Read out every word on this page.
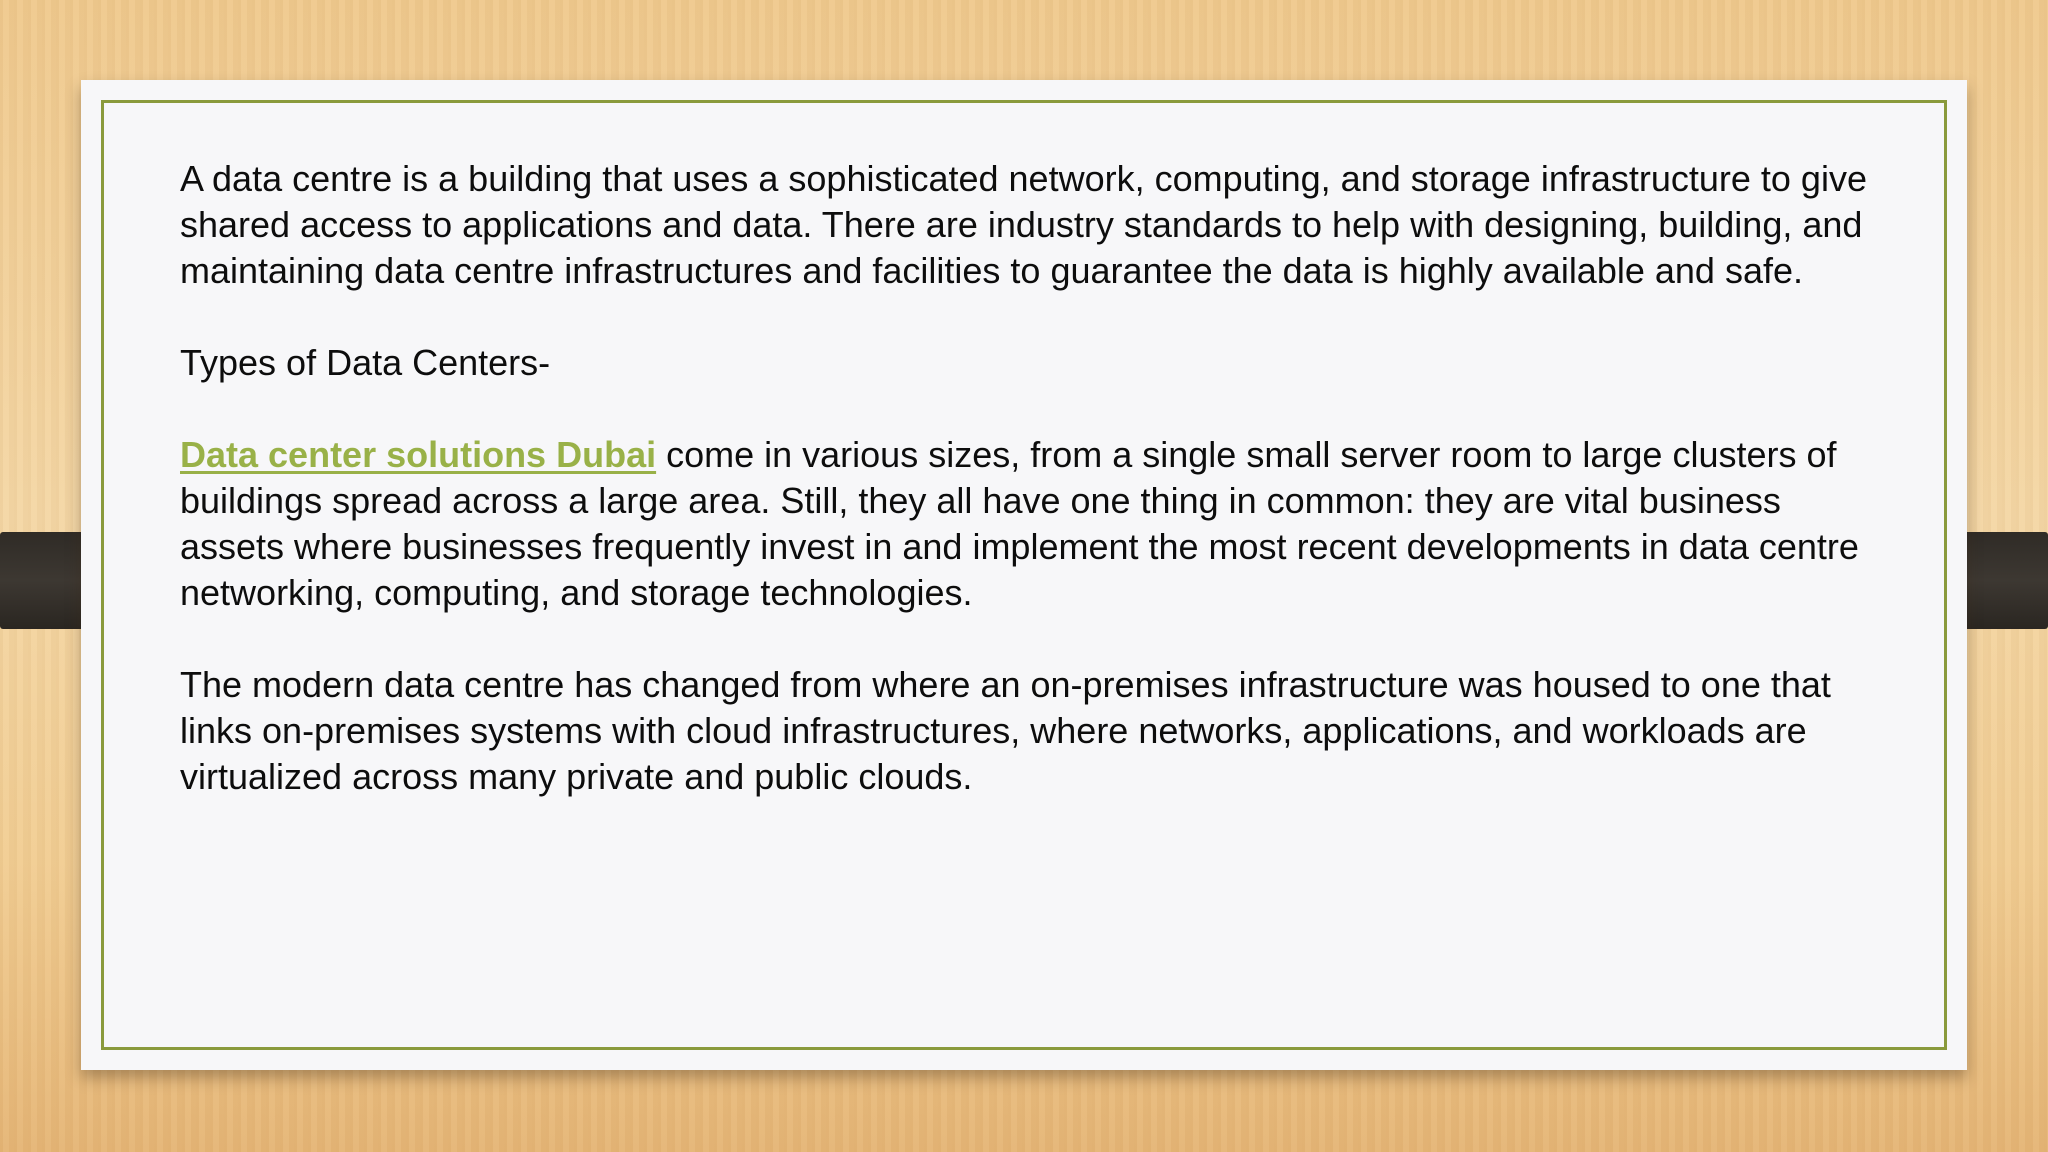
A data centre is a building that uses a sophisticated network, computing, and storage infrastructure to give shared access to applications and data. There are industry standards to help with designing, building, and maintaining data centre infrastructures and facilities to guarantee the data is highly available and safe.

Types of Data Centers-

Data center solutions Dubai come in various sizes, from a single small server room to large clusters of buildings spread across a large area. Still, they all have one thing in common: they are vital business assets where businesses frequently invest in and implement the most recent developments in data centre networking, computing, and storage technologies.

The modern data centre has changed from where an on-premises infrastructure was housed to one that links on-premises systems with cloud infrastructures, where networks, applications, and workloads are virtualized across many private and public clouds.
